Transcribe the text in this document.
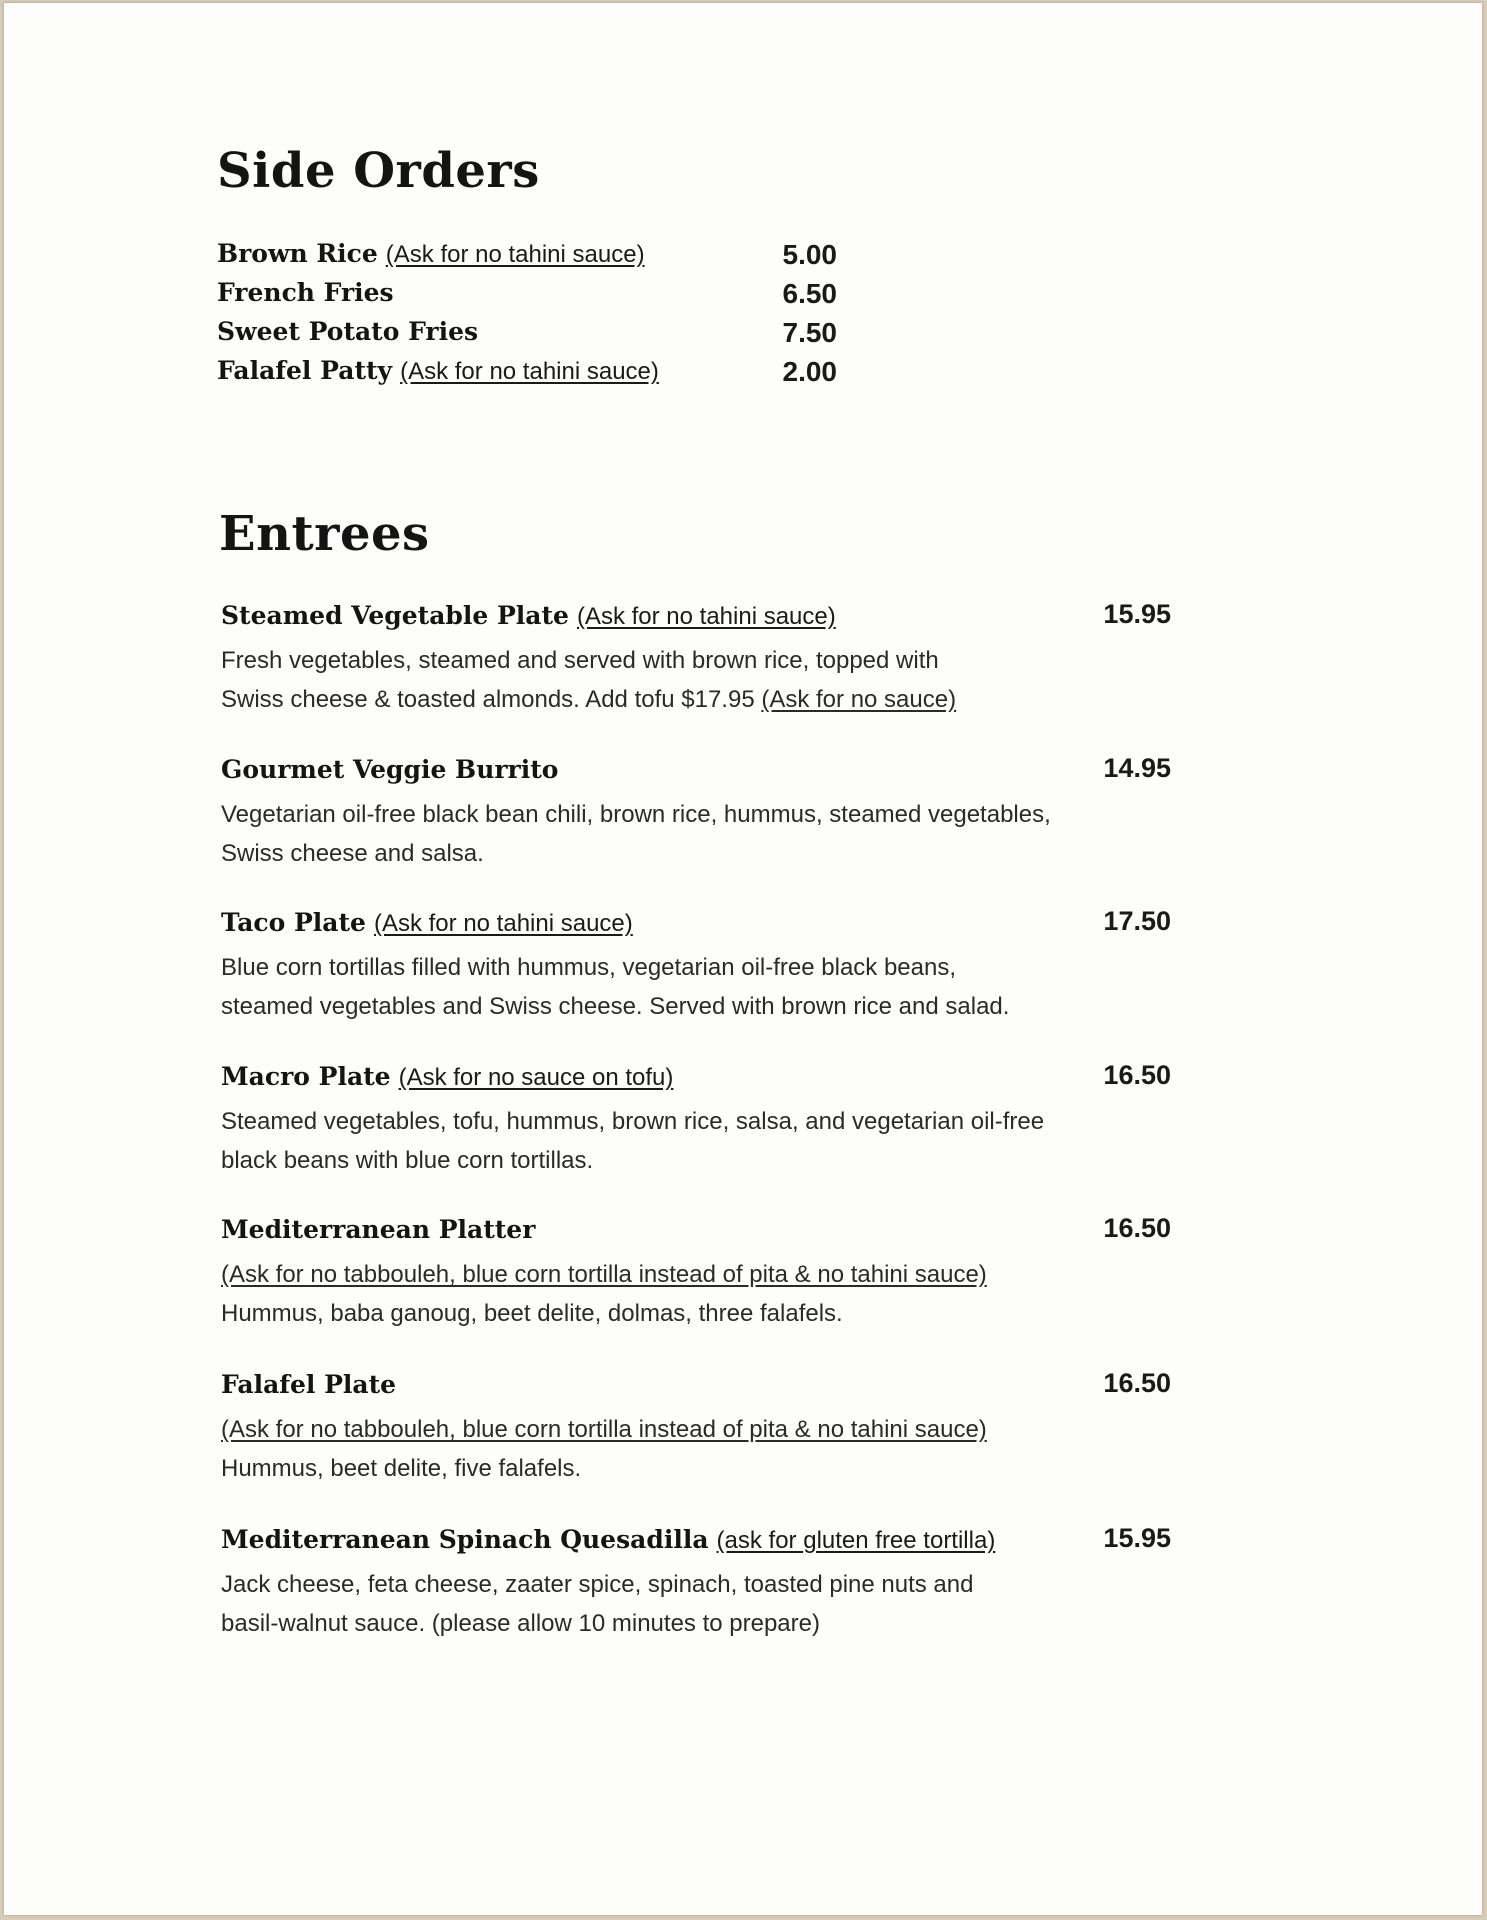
Side Orders
Brown Rice (Ask for no tahini sauce)	5.00
French Fries	6.50
Sweet Potato Fries	7.50
Falafel Patty (Ask for no tahini sauce)	2.00
Entrees
Steamed Vegetable Plate (Ask for no tahini sauce)	15.95
Fresh vegetables, steamed and served with brown rice, topped with
Swiss cheese & toasted almonds. Add tofu $17.95 (Ask for no sauce)
Gourmet Veggie Burrito	14.95
Vegetarian oil-free black bean chili, brown rice, hummus, steamed vegetables,
Swiss cheese and salsa.
Taco Plate (Ask for no tahini sauce)	17.50
Blue corn tortillas filled with hummus, vegetarian oil-free black beans,
steamed vegetables and Swiss cheese. Served with brown rice and salad.
Macro Plate (Ask for no sauce on tofu)	16.50
Steamed vegetables, tofu, hummus, brown rice, salsa, and vegetarian oil-free
black beans with blue corn tortillas.
Mediterranean Platter	16.50
(Ask for no tabbouleh, blue corn tortilla instead of pita & no tahini sauce)
Hummus, baba ganoug, beet delite, dolmas, three falafels.
Falafel Plate	16.50
(Ask for no tabbouleh, blue corn tortilla instead of pita & no tahini sauce)
Hummus, beet delite, five falafels.
Mediterranean Spinach Quesadilla (ask for gluten free tortilla)	15.95
Jack cheese, feta cheese, zaater spice, spinach, toasted pine nuts and
basil-walnut sauce. (please allow 10 minutes to prepare)
